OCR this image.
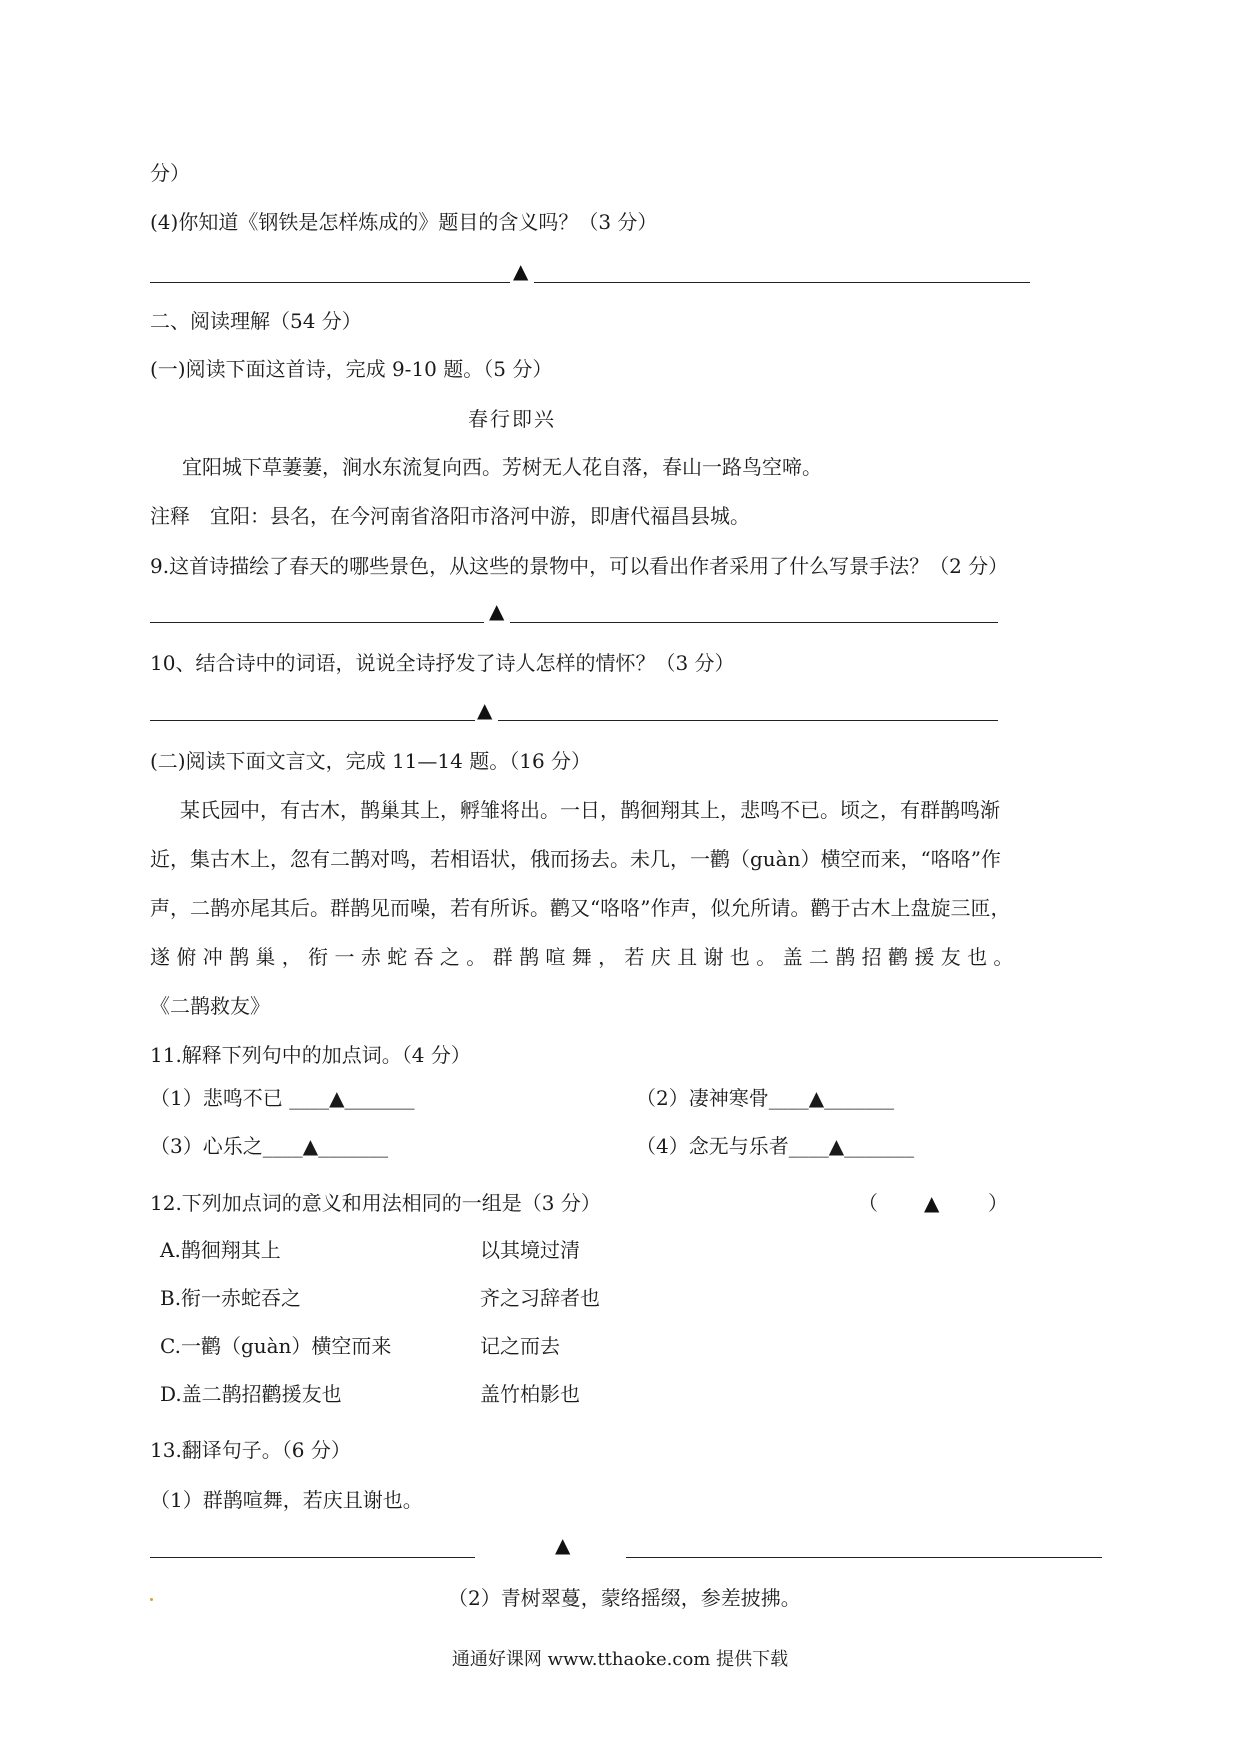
分）
(4)你知道《钢铁是怎样炼成的》题目的含义吗？（3 分）
▲
二、阅读理解（54 分）
(一)阅读下面这首诗，完成 9-10 题。（5 分）
春行即兴
宜阳城下草萋萋，涧水东流复向西。芳树无人花自落，春山一路鸟空啼。
注释　宜阳：县名，在今河南省洛阳市洛河中游，即唐代福昌县城。
9.这首诗描绘了春天的哪些景色，从这些的景物中，可以看出作者采用了什么写景手法？（2 分）
▲
10、结合诗中的词语，说说全诗抒发了诗人怎样的情怀？（3 分）
▲
(二)阅读下面文言文，完成 11—14 题。（16 分）
某氏园中，有古木，鹊巢其上，孵雏将出。一日，鹊徊翔其上，悲鸣不已。顷之，有群鹊鸣渐
近，集古木上，忽有二鹊对鸣，若相语状，俄而扬去。未几，一鹳（guàn）横空而来，“咯咯”作
声，二鹊亦尾其后。群鹊见而噪，若有所诉。鹳又“咯咯”作声，似允所请。鹳于古木上盘旋三匝，
遂 俯 冲 鹊 巢 ， 衔 一 赤 蛇 吞 之 。 群 鹊 喧 舞 ， 若 庆 且 谢 也 。 盖 二 鹊 招 鹳 援 友 也 。
《二鹊救友》
11.解释下列句中的加点词。（4 分）
（1）悲鸣不已 ____▲_______	（2）凄神寒骨____▲_______
（3）心乐之____▲_______	（4）念无与乐者____▲_______
12.下列加点词的意义和用法相同的一组是（3 分）	（ ▲ ）
A.鹊徊翔其上	以其境过清
B.衔一赤蛇吞之	齐之习辞者也
C.一鹳（guàn）横空而来	记之而去
D.盖二鹊招鹳援友也	盖竹柏影也
13.翻译句子。（6 分）
（1）群鹊喧舞，若庆且谢也。
▲
（2）青树翠蔓，蒙络摇缀，参差披拂。
通通好课网 www.tthaoke.com 提供下载
